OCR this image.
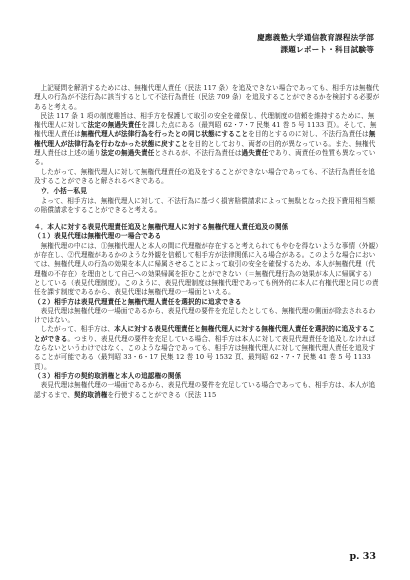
慶應義塾大学通信教育課程法学部
課題レポート・科目試験等

上記疑問を解消するためには、無権代理人責任（民法 117 条）を追及できない場合であっても、相手方は無権代理人の行為が不法行為に該当するとして不法行為責任（民法 709 条）を追及することができるかを検討する必要があると考える。

民法 117 条 1 項の制度趣旨は、相手方を保護して取引の安全を確保し、代理制度の信頼を維持するために、無権代理人に対して法定の無過失責任を課した点にある（最判昭 62・7・7 民集 41 巻 5 号 1133 頁）。そして、無権代理人責任は無権代理人が法律行為を行ったとの同じ状態にすることを目的とするのに対し、不法行為責任は無権代理人が法律行為を行わなかった状態に戻すことを目的としており、両者の目的が異なっている。また、無権代理人責任は上述の通り法定の無過失責任とされるが、不法行為責任は過失責任であり、両責任の性質も異なっている。

したがって、無権代理人に対して無権代理責任の追及をすることができない場合であっても、不法行為責任を追及することができると解されるべきである。

ウ．小括－私見

よって、相手方は、無権代理人に対して、不法行為に基づく損害賠償請求によって無駄となった投下費用相当額の賠償請求をすることができると考える。

４．本人に対する表見代理責任追及と無権代理人に対する無権代理人責任追及の関係

（１）表見代理は無権代理の一場合である

無権代理の中には、①無権代理人と本人の間に代理権が存在すると考えられてもやむを得ないような事情（外観）が存在し、②代理権があるかのような外観を信頼して相手方が法律関係に入る場合がある。このような場合においては、無権代理人の行為の効果を本人に帰属させることによって取引の安全を確保するため、本人が無権代理（代理権の不存在）を理由として自己への効果帰属を拒むことができない（＝無権代理行為の効果が本人に帰属する）としている（表見代理制度）。このように、表見代理制度は無権代理であっても例外的に本人に有権代理と同じの責任を課す制度であるから、表見代理は無権代理の一場面といえる。

（２）相手方は表見代理責任と無権代理人責任を選択的に追求できる

表見代理は無権代理の一場面であるから、表見代理の要件を充足したとしても、無権代理の側面が除去されるわけではない。

したがって、相手方は、本人に対する表見代理責任と無権代理人に対する無権代理人責任を選択的に追及することができる。つまり、表見代理の要件を充足している場合、相手方は本人に対して表見代理責任を追及しなければならないというわけではなく、このような場合であっても、相手方は無権代理人に対して無権代理人責任を追及することが可能である（最判昭 33・6・17 民集 12 巻 10 号 1532 頁、最判昭 62・7・7 民集 41 巻 5 号 1133 頁）。

（３）相手方の契約取消権と本人の追認権の関係

表見代理は無権代理の一場面であるから、表見代理の要件を充足している場合であっても、相手方は、本人が追認するまで、契約取消権を行使することができる（民法 115

p. 33
